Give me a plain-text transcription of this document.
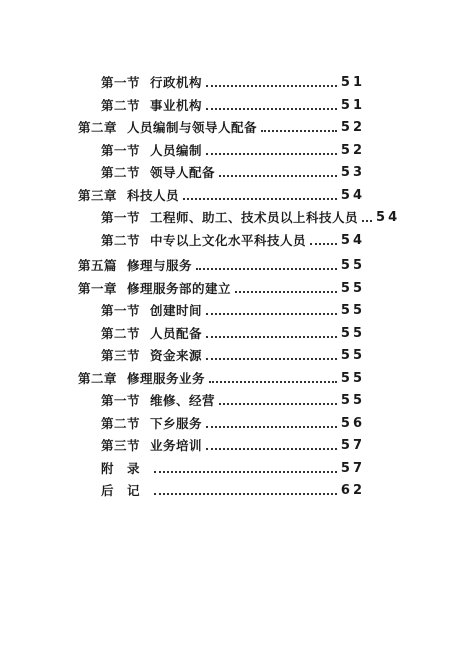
第一节 行政机构	51
第二节 事业机构	51
第二章 人员编制与领导人配备	52
第一节 人员编制	52
第二节 领导人配备	53
第三章 科技人员	54
第一节 工程师、助工、技术员以上科技人员 54
第二节 中专以上文化水平科技人员	54
第五篇 修理与服务	55
第一章 修理服务部的建立	55
第一节 创建时间	55
第二节 人员配备	55
第三节 资金来源	55
第二章 修理服务业务	55
第一节 维修、经营	55
第二节 下乡服务	56
第三节 业务培训	57
附　录	57
后　记	62
